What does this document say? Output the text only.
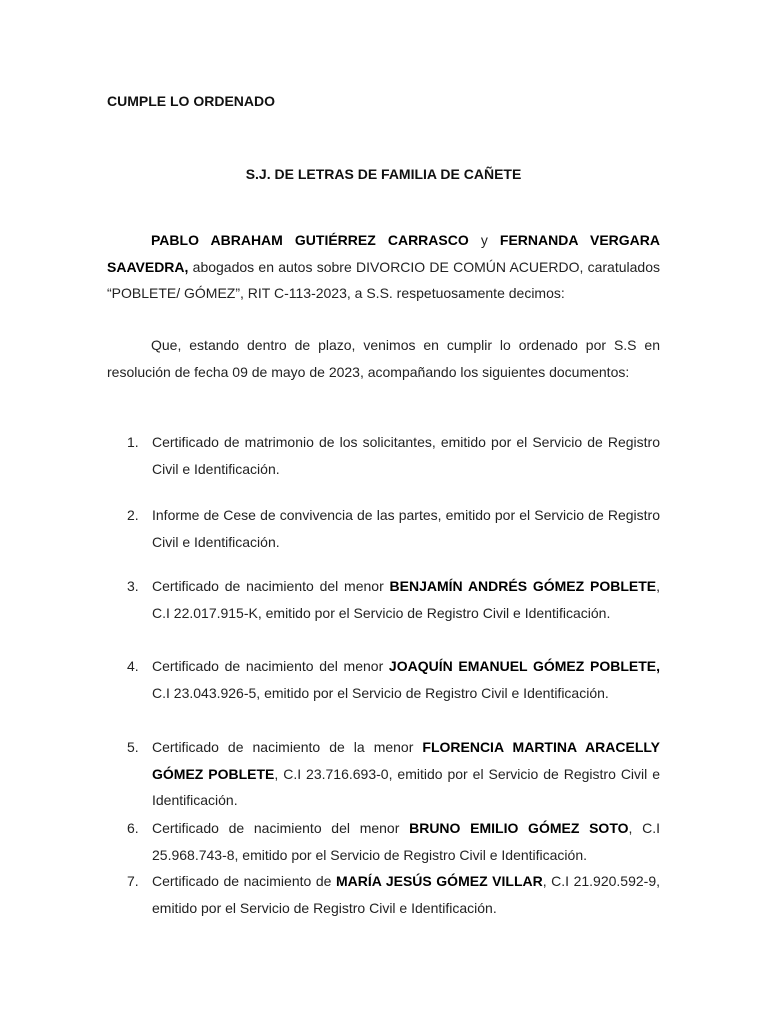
CUMPLE LO ORDENADO
S.J. DE LETRAS DE FAMILIA DE CAÑETE

PABLO ABRAHAM GUTIÉRREZ CARRASCO y FERNANDA VERGARA SAAVEDRA, abogados en autos sobre DIVORCIO DE COMÚN ACUERDO, caratulados “POBLETE/ GÓMEZ”, RIT C-113-2023, a S.S. respetuosamente decimos:

Que, estando dentro de plazo, venimos en cumplir lo ordenado por S.S en resolución de fecha 09 de mayo de 2023, acompañando los siguientes documentos:

1. Certificado de matrimonio de los solicitantes, emitido por el Servicio de Registro Civil e Identificación.
2. Informe de Cese de convivencia de las partes, emitido por el Servicio de Registro Civil e Identificación.
3. Certificado de nacimiento del menor BENJAMÍN ANDRÉS GÓMEZ POBLETE, C.I 22.017.915-K, emitido por el Servicio de Registro Civil e Identificación.
4. Certificado de nacimiento del menor JOAQUÍN EMANUEL GÓMEZ POBLETE, C.I 23.043.926-5, emitido por el Servicio de Registro Civil e Identificación.
5. Certificado de nacimiento de la menor FLORENCIA MARTINA ARACELLY GÓMEZ POBLETE, C.I 23.716.693-0, emitido por el Servicio de Registro Civil e Identificación.
6. Certificado de nacimiento del menor BRUNO EMILIO GÓMEZ SOTO, C.I 25.968.743-8, emitido por el Servicio de Registro Civil e Identificación.
7. Certificado de nacimiento de MARÍA JESÚS GÓMEZ VILLAR, C.I 21.920.592-9, emitido por el Servicio de Registro Civil e Identificación.
